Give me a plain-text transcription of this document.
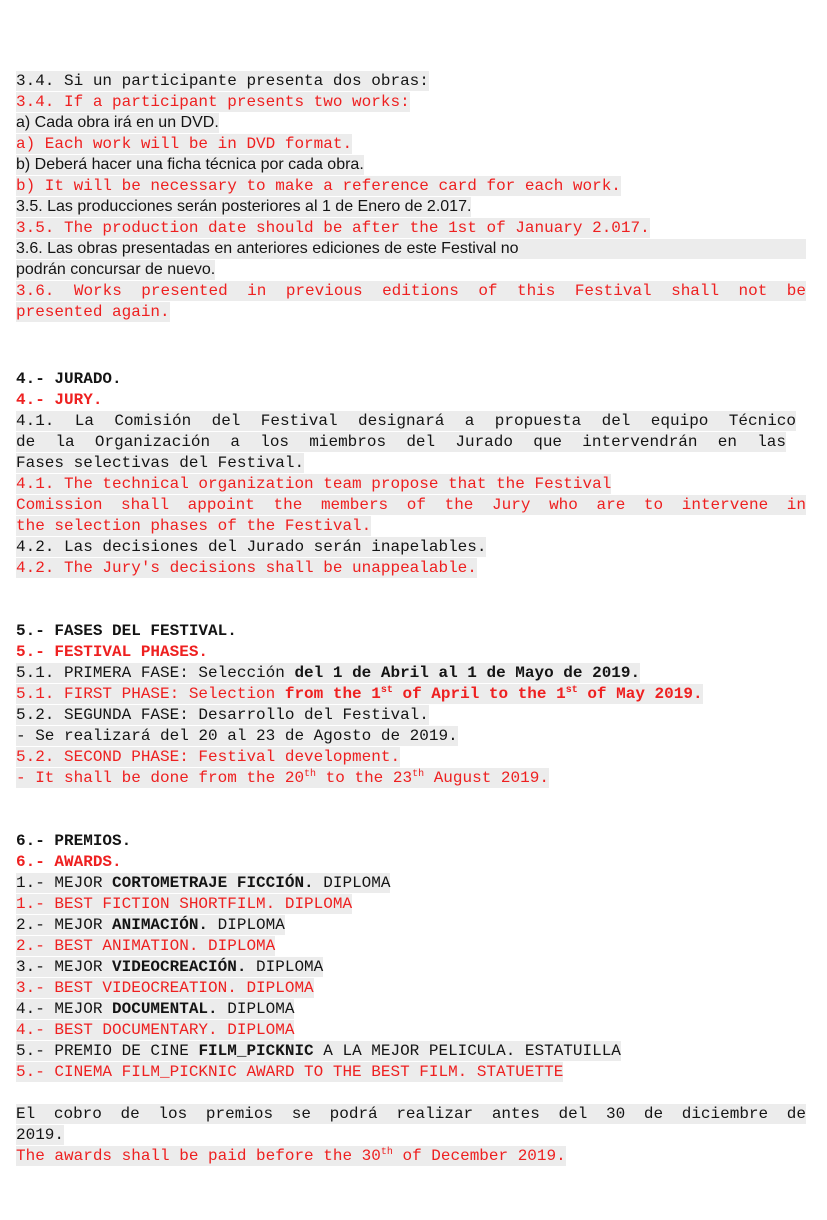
3.4. Si un participante presenta dos obras:
3.4. If a participant presents two works:
a) Cada obra irá en un DVD.
a) Each work will be in DVD format.
b) Deberá hacer una ficha técnica por cada obra.
b) It will be necessary to make a reference card for each work.
3.5. Las producciones serán posteriores al 1 de Enero de 2.017.
3.5. The production date should be after the 1st of January 2.017.
3.6. Las obras presentadas en anteriores ediciones de este Festival no
podrán concursar de nuevo.
3.6. Works presented in previous editions of this Festival shall not be
presented again.
4.- JURADO.
4.- JURY.
4.1. La Comisión del Festival designará a propuesta del equipo Técnico
de la Organización a los miembros del Jurado que intervendrán en las
Fases selectivas del Festival.
4.1. The technical organization team propose that the Festival
Comission shall appoint the members of the Jury who are to intervene in
the selection phases of the Festival.
4.2. Las decisiones del Jurado serán inapelables.
4.2. The Jury's decisions shall be unappealable.
5.- FASES DEL FESTIVAL.
5.- FESTIVAL PHASES.
5.1. PRIMERA FASE: Selección del 1 de Abril al 1 de Mayo de 2019.
5.1. FIRST PHASE: Selection from the 1st of April to the 1st of May 2019.
5.2. SEGUNDA FASE: Desarrollo del Festival.
- Se realizará del 20 al 23 de Agosto de 2019.
5.2. SECOND PHASE: Festival development.
- It shall be done from the 20th to the 23th August 2019.
6.- PREMIOS.
6.- AWARDS.
1.- MEJOR CORTOMETRAJE FICCIÓN. DIPLOMA
1.- BEST FICTION SHORTFILM. DIPLOMA
2.- MEJOR ANIMACIÓN. DIPLOMA
2.- BEST ANIMATION. DIPLOMA
3.- MEJOR VIDEOCREACIÓN. DIPLOMA
3.- BEST VIDEOCREATION. DIPLOMA
4.- MEJOR DOCUMENTAL. DIPLOMA
4.- BEST DOCUMENTARY. DIPLOMA
5.- PREMIO DE CINE FILM_PICKNIC A LA MEJOR PELICULA. ESTATUILLA
5.- CINEMA FILM_PICKNIC AWARD TO THE BEST FILM. STATUETTE
El cobro de los premios se podrá realizar antes del 30 de diciembre de
2019.
The awards shall be paid before the 30th of December 2019.
